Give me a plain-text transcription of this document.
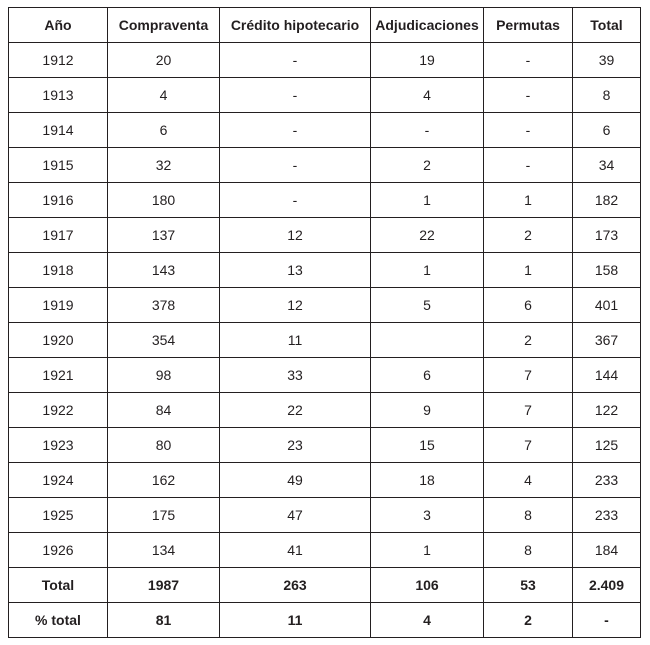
Año	Compraventa	Crédito hipotecario	Adjudicaciones	Permutas	Total
1912	20	-	19	-	39
1913	4	-	4	-	8
1914	6	-	-	-	6
1915	32	-	2	-	34
1916	180	-	1	1	182
1917	137	12	22	2	173
1918	143	13	1	1	158
1919	378	12	5	6	401
1920	354	11		2	367
1921	98	33	6	7	144
1922	84	22	9	7	122
1923	80	23	15	7	125
1924	162	49	18	4	233
1925	175	47	3	8	233
1926	134	41	1	8	184
Total	1987	263	106	53	2.409
% total	81	11	4	2	-
